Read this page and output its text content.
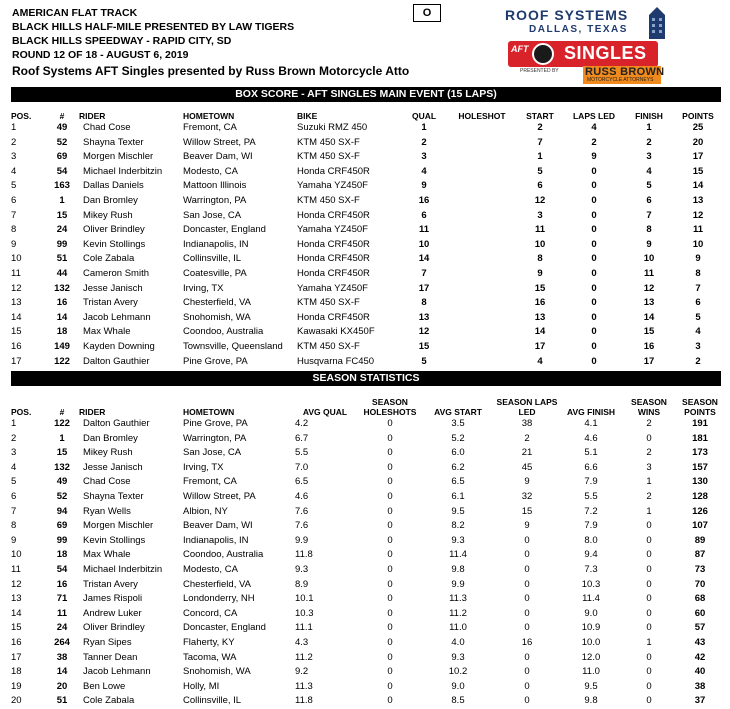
AMERICAN FLAT TRACK
BLACK HILLS HALF-MILE PRESENTED BY LAW TIGERS
BLACK HILLS SPEEDWAY - RAPID CITY, SD
ROUND 12 OF 18 - AUGUST 6, 2019
Roof Systems AFT Singles presented by Russ Brown Motorcycle Atto
O	ROOF SYSTEMS
DALLAS, TEXAS
AFT SINGLES
PRESENTED BY RUSS BROWN
MOTORCYCLE ATTORNEYS
BOX SCORE - AFT SINGLES MAIN EVENT (15 LAPS)
POS.	#	RIDER	HOMETOWN	BIKE	QUAL	HOLESHOT	START	LAPS LED	FINISH	POINTS
1	49	Chad Cose	Fremont, CA	Suzuki RMZ 450	1		2	4	1	25
2	52	Shayna Texter	Willow Street, PA	KTM 450 SX-F	2		7	2	2	20
3	69	Morgen Mischler	Beaver Dam, WI	KTM 450 SX-F	3		1	9	3	17
4	54	Michael Inderbitzin	Modesto, CA	Honda CRF450R	4		5	0	4	15
5	163	Dallas Daniels	Mattoon Illinois	Yamaha YZ450F	9		6	0	5	14
6	1	Dan Bromley	Warrington, PA	KTM 450 SX-F	16		12	0	6	13
7	15	Mikey Rush	San Jose, CA	Honda CRF450R	6		3	0	7	12
8	24	Oliver Brindley	Doncaster, England	Yamaha YZ450F	11		11	0	8	11
9	99	Kevin Stollings	Indianapolis, IN	Honda CRF450R	10		10	0	9	10
10	51	Cole Zabala	Collinsville, IL	Honda CRF450R	14		8	0	10	9
11	44	Cameron Smith	Coatesville, PA	Honda CRF450R	7		9	0	11	8
12	132	Jesse Janisch	Irving, TX	Yamaha YZ450F	17		15	0	12	7
13	16	Tristan Avery	Chesterfield, VA	KTM 450 SX-F	8		16	0	13	6
14	14	Jacob Lehmann	Snohomish, WA	Honda CRF450R	13		13	0	14	5
15	18	Max Whale	Coondoo, Australia	Kawasaki KX450F	12		14	0	15	4
16	149	Kayden Downing	Townsville, Queensland	KTM 450 SX-F	15		17	0	16	3
17	122	Dalton Gauthier	Pine Grove, PA	Husqvarna FC450	5		4	0	17	2
SEASON STATISTICS
POS.	#	RIDER	HOMETOWN	AVG QUAL	SEASON HOLESHOTS	AVG START	SEASON LAPS LED	AVG FINISH	SEASON WINS	SEASON POINTS
1	122	Dalton Gauthier	Pine Grove, PA	4.2	0	3.5	38	4.1	2	191
2	1	Dan Bromley	Warrington, PA	6.7	0	5.2	2	4.6	0	181
3	15	Mikey Rush	San Jose, CA	5.5	0	6.0	21	5.1	2	173
4	132	Jesse Janisch	Irving, TX	7.0	0	6.2	45	6.6	3	157
5	49	Chad Cose	Fremont, CA	6.5	0	6.5	9	7.9	1	130
6	52	Shayna Texter	Willow Street, PA	4.6	0	6.1	32	5.5	2	128
7	94	Ryan Wells	Albion, NY	7.6	0	9.5	15	7.2	1	126
8	69	Morgen Mischler	Beaver Dam, WI	7.6	0	8.2	9	7.9	0	107
9	99	Kevin Stollings	Indianapolis, IN	9.9	0	9.3	0	8.0	0	89
10	18	Max Whale	Coondoo, Australia	11.8	0	11.4	0	9.4	0	87
11	54	Michael Inderbitzin	Modesto, CA	9.3	0	9.8	0	7.3	0	73
12	16	Tristan Avery	Chesterfield, VA	8.9	0	9.9	0	10.3	0	70
13	71	James Rispoli	Londonderry, NH	10.1	0	11.3	0	11.4	0	68
14	11	Andrew Luker	Concord, CA	10.3	0	11.2	0	9.0	0	60
15	24	Oliver Brindley	Doncaster, England	11.1	0	11.0	0	10.9	0	57
16	264	Ryan Sipes	Flaherty, KY	4.3	0	4.0	16	10.0	1	43
17	38	Tanner Dean	Tacoma, WA	11.2	0	9.3	0	12.0	0	42
18	14	Jacob Lehmann	Snohomish, WA	9.2	0	10.2	0	11.0	0	40
19	20	Ben Lowe	Holly, MI	11.3	0	9.0	0	9.5	0	38
20	51	Cole Zabala	Collinsville, IL	11.8	0	8.5	0	9.8	0	37
